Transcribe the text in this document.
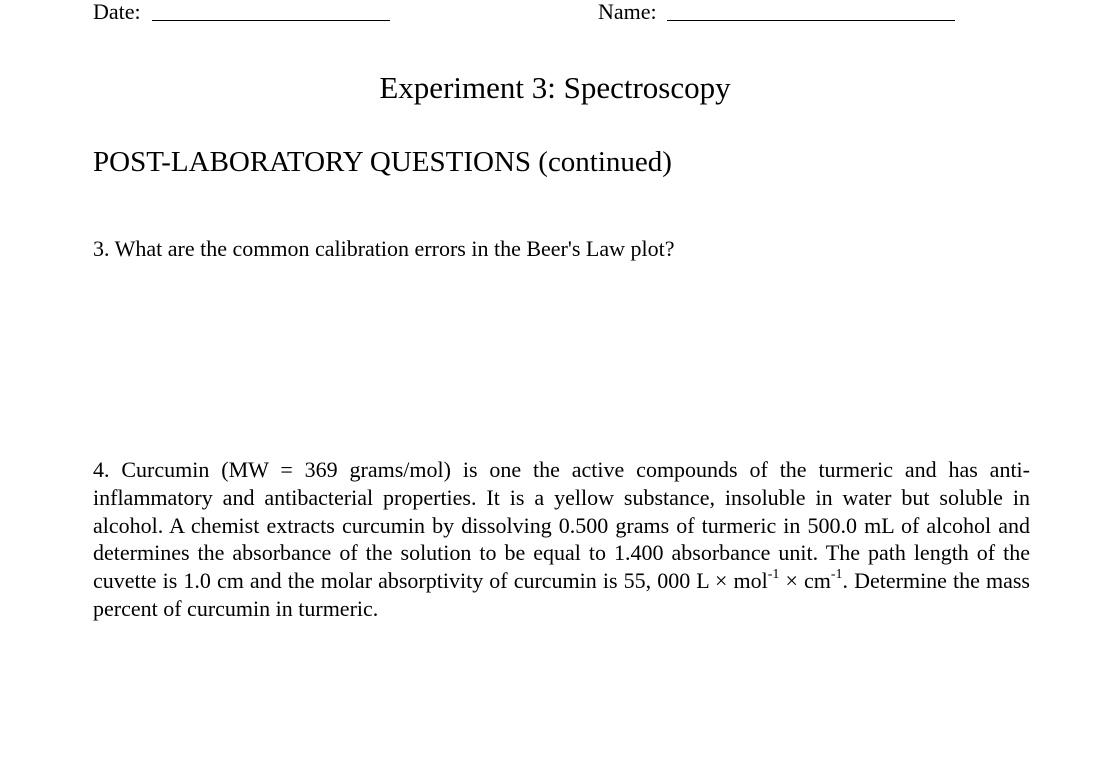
Date:	Name:
Experiment 3: Spectroscopy
POST-LABORATORY QUESTIONS (continued)
3. What are the common calibration errors in the Beer's Law plot?
4. Curcumin (MW = 369 grams/mol) is one the active compounds of the turmeric and has anti-inflammatory and antibacterial properties. It is a yellow substance, insoluble in water but soluble in alcohol. A chemist extracts curcumin by dissolving 0.500 grams of turmeric in 500.0 mL of alcohol and determines the absorbance of the solution to be equal to 1.400 absorbance unit. The path length of the cuvette is 1.0 cm and the molar absorptivity of curcumin is 55, 000 $L \times mol^{-1} \times cm^{-1}$. Determine the mass percent of curcumin in turmeric.
